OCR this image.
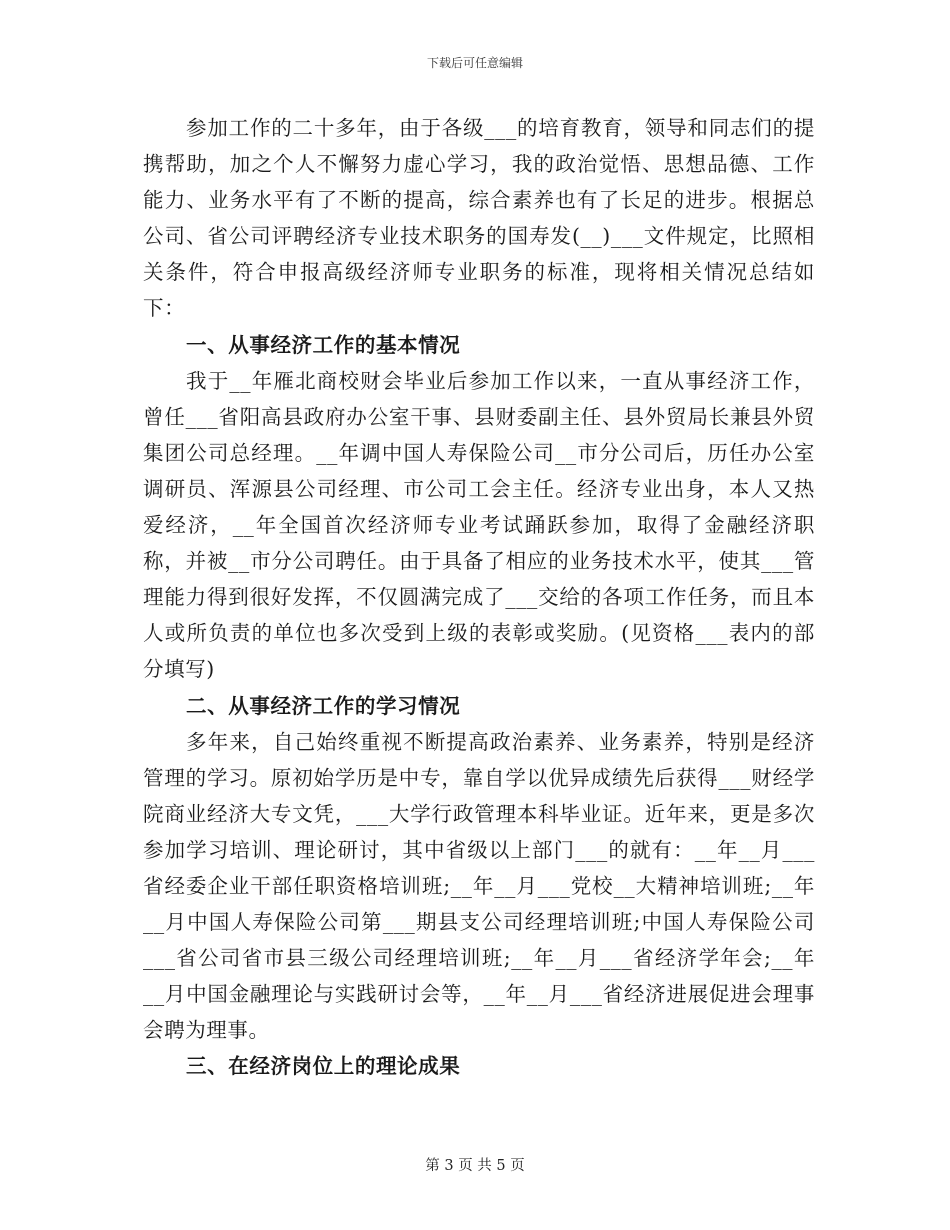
下载后可任意编辑

参加工作的二十多年，由于各级___的培育教育，领导和同志们的提携帮助，加之个人不懈努力虚心学习，我的政治觉悟、思想品德、工作能力、业务水平有了不断的提高，综合素养也有了长足的进步。根据总公司、省公司评聘经济专业技术职务的国寿发(__)___文件规定，比照相关条件，符合申报高级经济师专业职务的标准，现将相关情况总结如下：

一、从事经济工作的基本情况

我于__年雁北商校财会毕业后参加工作以来，一直从事经济工作，曾任___省阳高县政府办公室干事、县财委副主任、县外贸局长兼县外贸集团公司总经理。__年调中国人寿保险公司__市分公司后，历任办公室调研员、浑源县公司经理、市公司工会主任。经济专业出身，本人又热爱经济，__年全国首次经济师专业考试踊跃参加，取得了金融经济职称，并被__市分公司聘任。由于具备了相应的业务技术水平，使其___管理能力得到很好发挥，不仅圆满完成了___交给的各项工作任务，而且本人或所负责的单位也多次受到上级的表彰或奖励。(见资格___表内的部分填写)

二、从事经济工作的学习情况

多年来，自己始终重视不断提高政治素养、业务素养，特别是经济管理的学习。原初始学历是中专，靠自学以优异成绩先后获得___财经学院商业经济大专文凭，___大学行政管理本科毕业证。近年来，更是多次参加学习培训、理论研讨，其中省级以上部门___的就有：__年__月___省经委企业干部任职资格培训班;__年__月___党校__大精神培训班;__年__月中国人寿保险公司第___期县支公司经理培训班;中国人寿保险公司___省公司省市县三级公司经理培训班;__年__月___省经济学年会;__年__月中国金融理论与实践研讨会等，__年__月___省经济进展促进会理事会聘为理事。

三、在经济岗位上的理论成果

第 3 页 共 5 页
